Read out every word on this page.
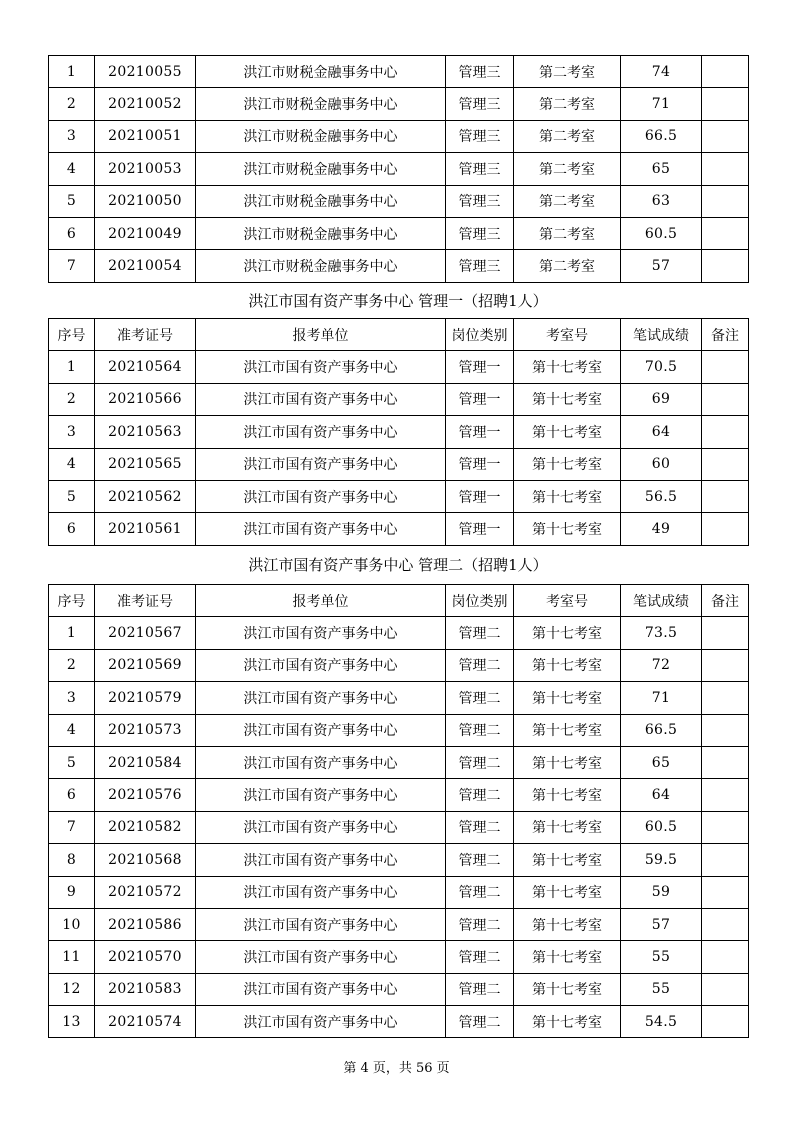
1	20210055	洪江市财税金融事务中心	管理三	第二考室	74	
2	20210052	洪江市财税金融事务中心	管理三	第二考室	71	
3	20210051	洪江市财税金融事务中心	管理三	第二考室	66.5	
4	20210053	洪江市财税金融事务中心	管理三	第二考室	65	
5	20210050	洪江市财税金融事务中心	管理三	第二考室	63	
6	20210049	洪江市财税金融事务中心	管理三	第二考室	60.5	
7	20210054	洪江市财税金融事务中心	管理三	第二考室	57	
洪江市国有资产事务中心 管理一（招聘1人）
序号	准考证号	报考单位	岗位类别	考室号	笔试成绩	备注
1	20210564	洪江市国有资产事务中心	管理一	第十七考室	70.5	
2	20210566	洪江市国有资产事务中心	管理一	第十七考室	69	
3	20210563	洪江市国有资产事务中心	管理一	第十七考室	64	
4	20210565	洪江市国有资产事务中心	管理一	第十七考室	60	
5	20210562	洪江市国有资产事务中心	管理一	第十七考室	56.5	
6	20210561	洪江市国有资产事务中心	管理一	第十七考室	49	
洪江市国有资产事务中心 管理二（招聘1人）
序号	准考证号	报考单位	岗位类别	考室号	笔试成绩	备注
1	20210567	洪江市国有资产事务中心	管理二	第十七考室	73.5	
2	20210569	洪江市国有资产事务中心	管理二	第十七考室	72	
3	20210579	洪江市国有资产事务中心	管理二	第十七考室	71	
4	20210573	洪江市国有资产事务中心	管理二	第十七考室	66.5	
5	20210584	洪江市国有资产事务中心	管理二	第十七考室	65	
6	20210576	洪江市国有资产事务中心	管理二	第十七考室	64	
7	20210582	洪江市国有资产事务中心	管理二	第十七考室	60.5	
8	20210568	洪江市国有资产事务中心	管理二	第十七考室	59.5	
9	20210572	洪江市国有资产事务中心	管理二	第十七考室	59	
10	20210586	洪江市国有资产事务中心	管理二	第十七考室	57	
11	20210570	洪江市国有资产事务中心	管理二	第十七考室	55	
12	20210583	洪江市国有资产事务中心	管理二	第十七考室	55	
13	20210574	洪江市国有资产事务中心	管理二	第十七考室	54.5	
第 4 页，共 56 页
